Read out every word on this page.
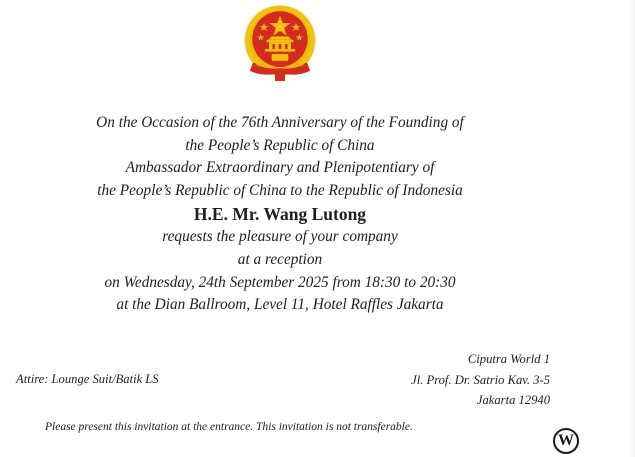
On the Occasion of the 76th Anniversary of the Founding of
the People’s Republic of China
Ambassador Extraordinary and Plenipotentiary of
the People’s Republic of China to the Republic of Indonesia
H.E. Mr. Wang Lutong
requests the pleasure of your company
at a reception
on Wednesday, 24th September 2025 from 18:30 to 20:30
at the Dian Ballroom, Level 11, Hotel Raffles Jakarta
Attire: Lounge Suit/Batik LS
Ciputra World 1
Jl. Prof. Dr. Satrio Kav. 3-5
Jakarta 12940
Please present this invitation at the entrance. This invitation is not transferable.
W
